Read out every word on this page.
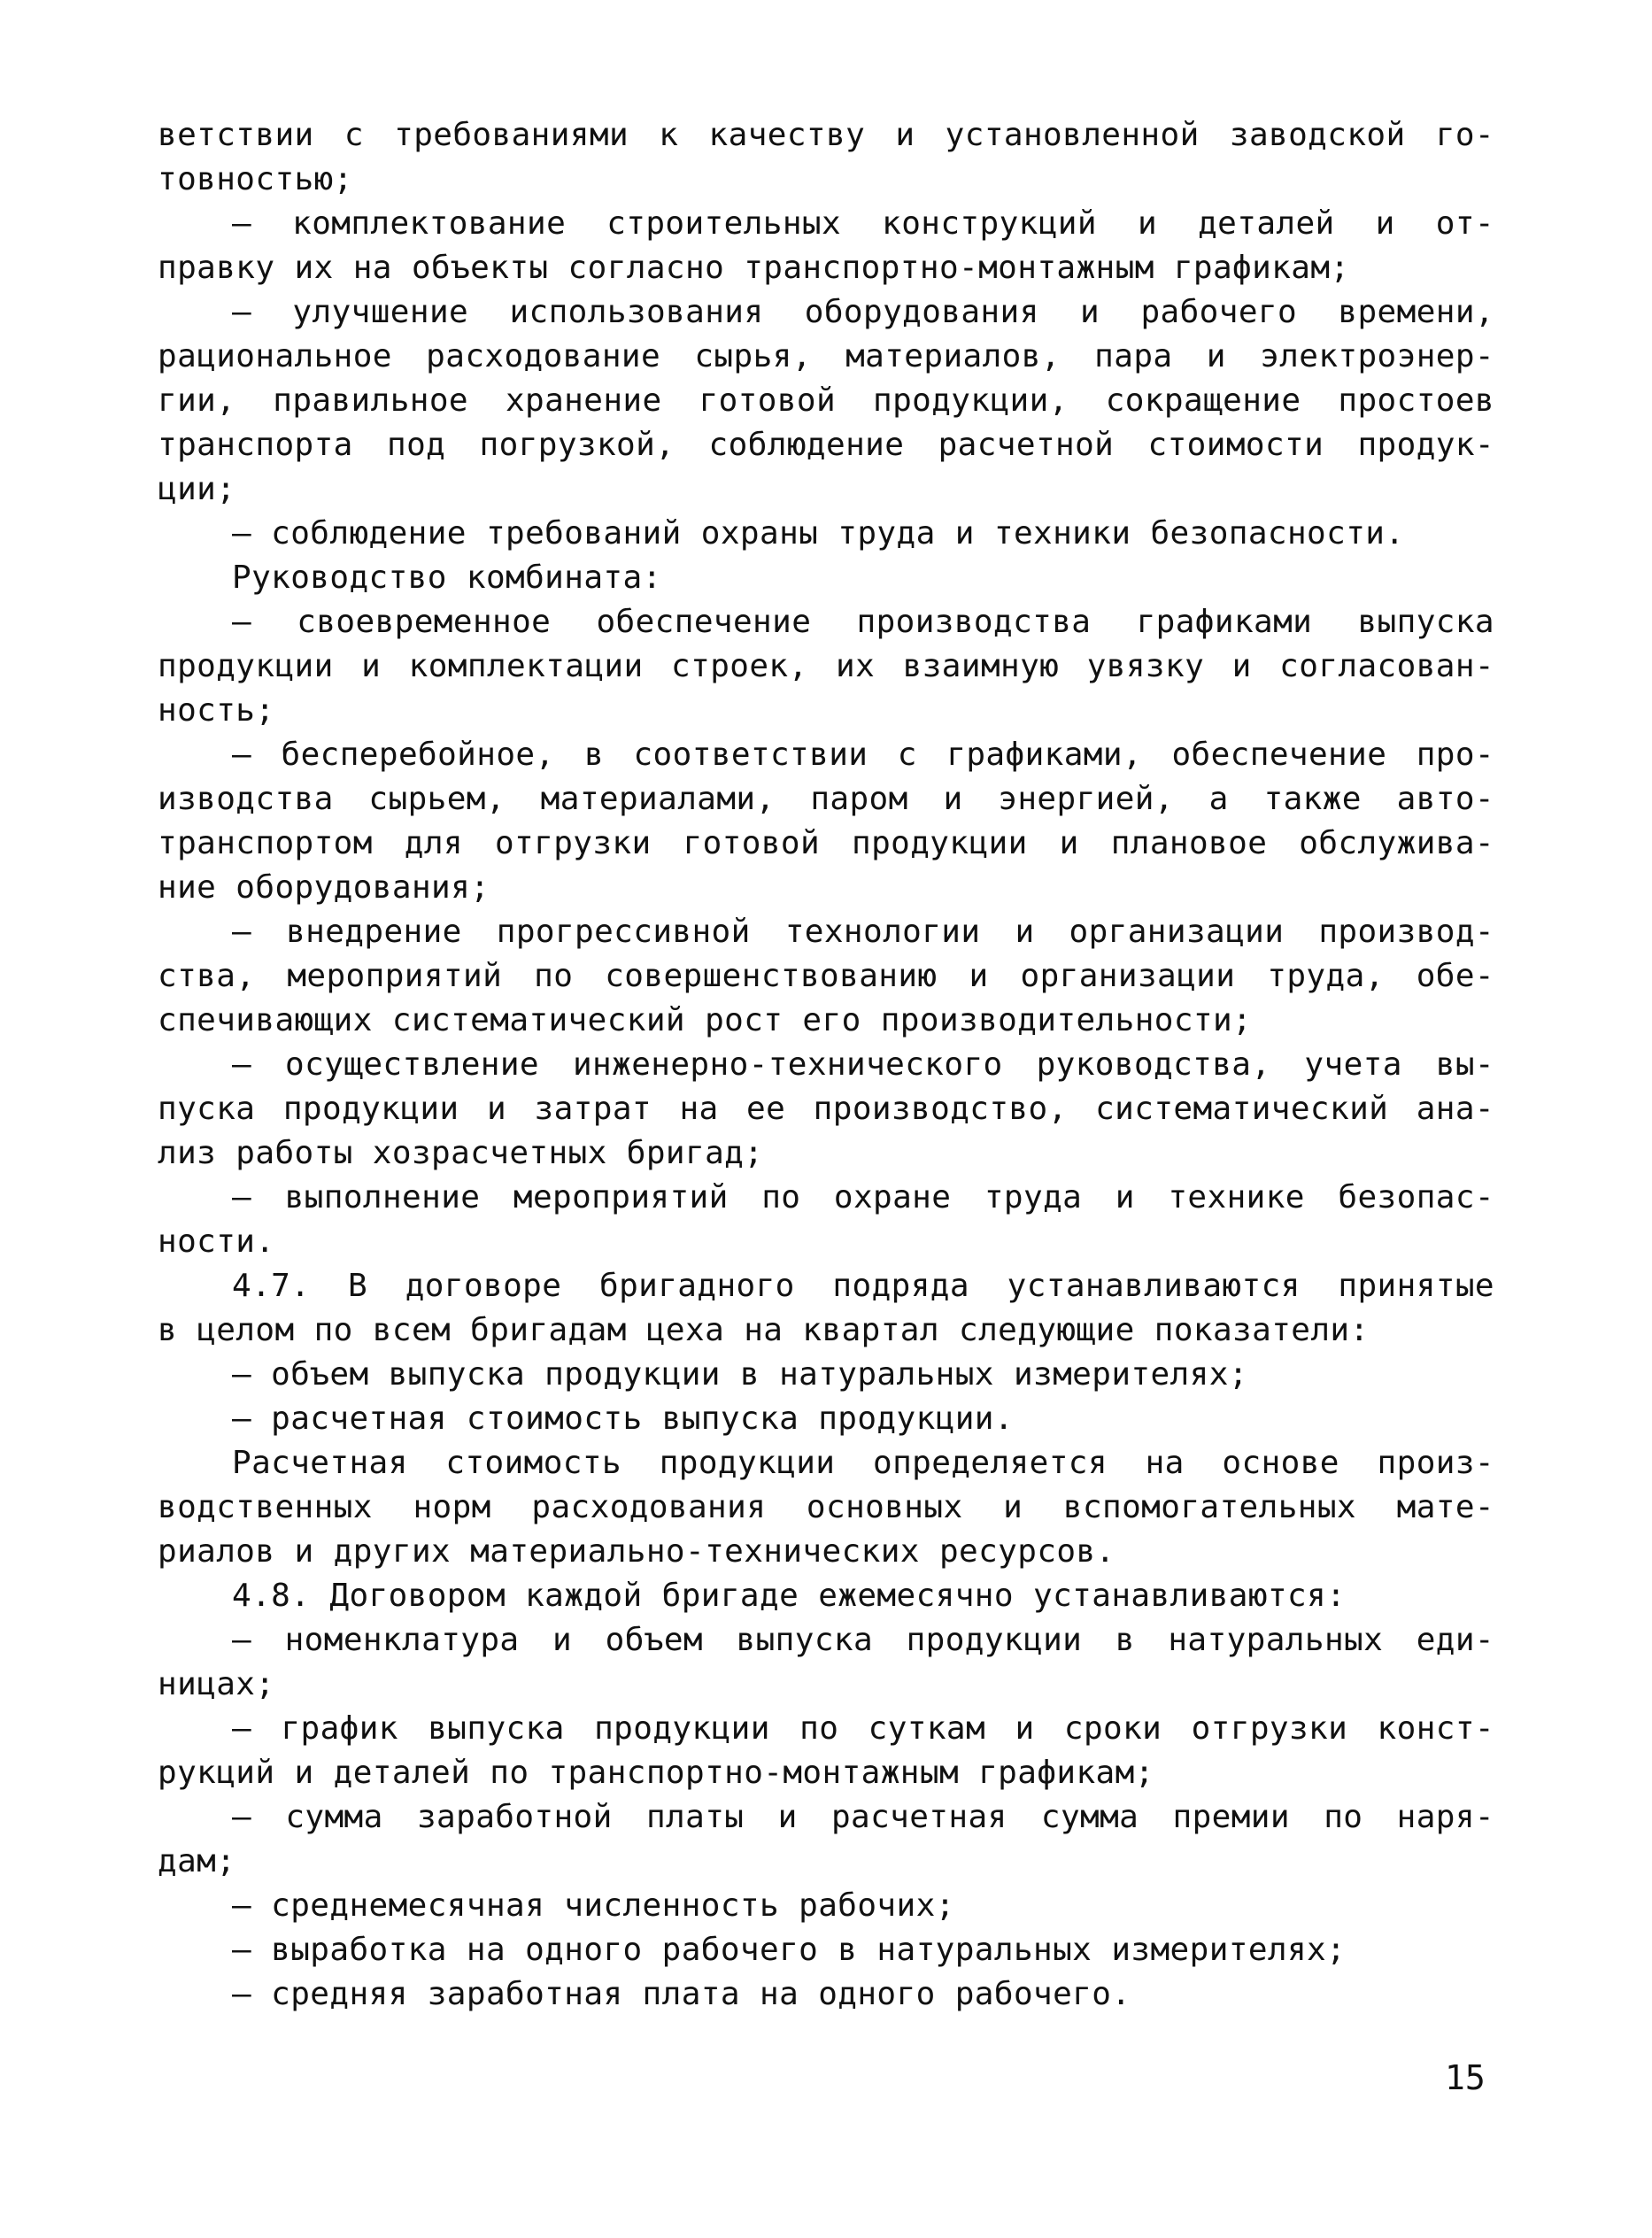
ветствии с требованиями к качеству и установленной заводской го-
товностью;
– комплектование строительных конструкций и деталей и от-
правку их на объекты согласно транспортно-монтажным графикам;
– улучшение использования оборудования и рабочего времени,
рациональное расходование сырья, материалов, пара и электроэнер-
гии, правильное хранение готовой продукции, сокращение простоев
транспорта под погрузкой, соблюдение расчетной стоимости продук-
ции;
– соблюдение требований охраны труда и техники безопасности.
Руководство комбината:
– своевременное обеспечение производства графиками выпуска
продукции и комплектации строек, их взаимную увязку и согласован-
ность;
– бесперебойное, в соответствии с графиками, обеспечение про-
изводства сырьем, материалами, паром и энергией, а также авто-
транспортом для отгрузки готовой продукции и плановое обслужива-
ние оборудования;
– внедрение прогрессивной технологии и организации производ-
ства, мероприятий по совершенствованию и организации труда, обе-
спечивающих систематический рост его производительности;
– осуществление инженерно-технического руководства, учета вы-
пуска продукции и затрат на ее производство, систематический ана-
лиз работы хозрасчетных бригад;
– выполнение мероприятий по охране труда и технике безопас-
ности.
4.7. В договоре бригадного подряда устанавливаются принятые
в целом по всем бригадам цеха на квартал следующие показатели:
– объем выпуска продукции в натуральных измерителях;
– расчетная стоимость выпуска продукции.
Расчетная стоимость продукции определяется на основе произ-
водственных норм расходования основных и вспомогательных мате-
риалов и других материально-технических ресурсов.
4.8. Договором каждой бригаде ежемесячно устанавливаются:
– номенклатура и объем выпуска продукции в натуральных еди-
ницах;
– график выпуска продукции по суткам и сроки отгрузки конст-
рукций и деталей по транспортно-монтажным графикам;
– сумма заработной платы и расчетная сумма премии по наря-
дам;
– среднемесячная численность рабочих;
– выработка на одного рабочего в натуральных измерителях;
– средняя заработная плата на одного рабочего.
15
